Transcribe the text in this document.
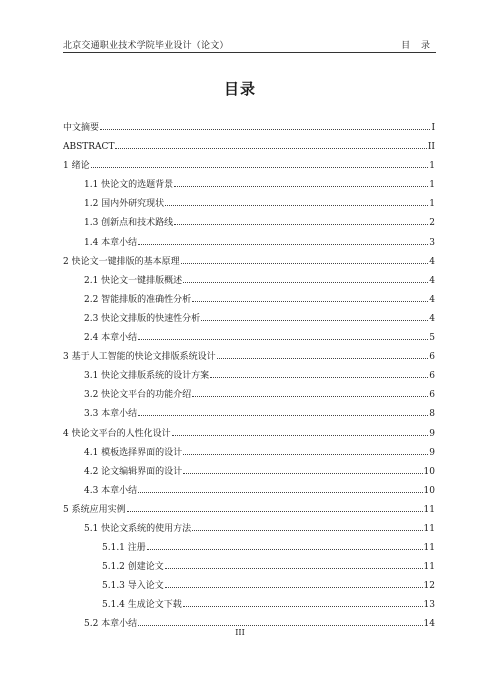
北京交通职业技术学院毕业设计（论文）	目 录
目录
中文摘要	I
ABSTRACT	II
1 绪论	1
1.1 快论文的选题背景	1
1.2 国内外研究现状	1
1.3 创新点和技术路线	2
1.4 本章小结	3
2 快论文一键排版的基本原理	4
2.1 快论文一键排版概述	4
2.2 智能排版的准确性分析	4
2.3 快论文排版的快速性分析	4
2.4 本章小结	5
3 基于人工智能的快论文排版系统设计	6
3.1 快论文排版系统的设计方案	6
3.2 快论文平台的功能介绍	6
3.3 本章小结	8
4 快论文平台的人性化设计	9
4.1 模板选择界面的设计	9
4.2 论文编辑界面的设计	10
4.3 本章小结	10
5 系统应用实例	11
5.1 快论文系统的使用方法	11
5.1.1 注册	11
5.1.2 创建论文	11
5.1.3 导入论文	12
5.1.4 生成论文下载	13
5.2 本章小结	14
III
